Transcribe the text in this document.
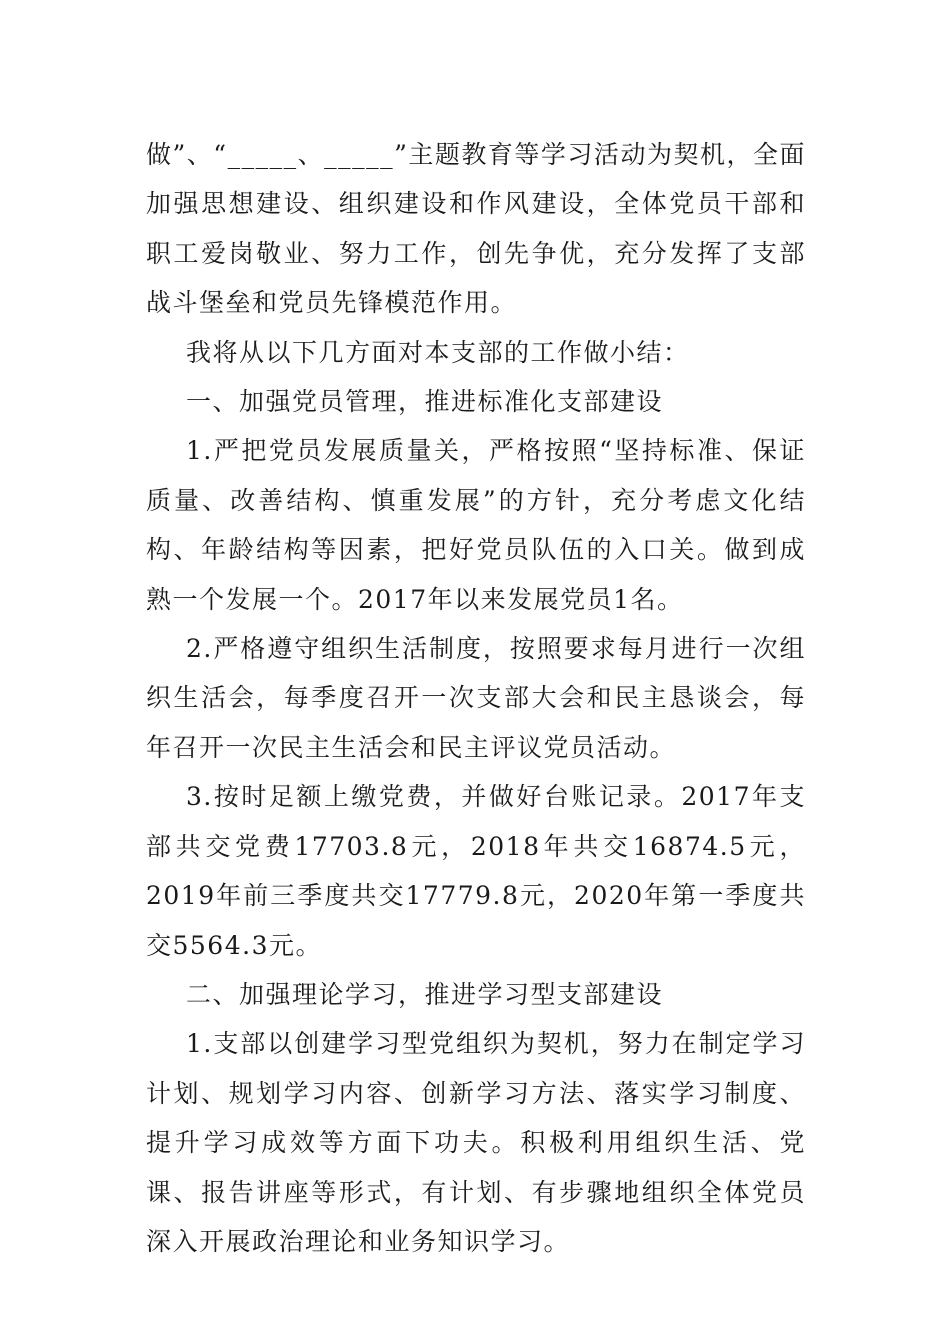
做”、“_____、_____”主题教育等学习活动为契机，全面加强思想建设、组织建设和作风建设，全体党员干部和职工爱岗敬业、努力工作，创先争优，充分发挥了支部战斗堡垒和党员先锋模范作用。

我将从以下几方面对本支部的工作做小结：

一、加强党员管理，推进标准化支部建设

1.严把党员发展质量关，严格按照“坚持标准、保证质量、改善结构、慎重发展”的方针，充分考虑文化结构、年龄结构等因素，把好党员队伍的入口关。做到成熟一个发展一个。2017年以来发展党员1名。

2.严格遵守组织生活制度，按照要求每月进行一次组织生活会，每季度召开一次支部大会和民主恳谈会，每年召开一次民主生活会和民主评议党员活动。

3.按时足额上缴党费，并做好台账记录。2017年支部共交党费17703.8元，2018年共交16874.5元，2019年前三季度共交17779.8元，2020年第一季度共交5564.3元。

二、加强理论学习，推进学习型支部建设

1.支部以创建学习型党组织为契机，努力在制定学习计划、规划学习内容、创新学习方法、落实学习制度、提升学习成效等方面下功夫。积极利用组织生活、党课、报告讲座等形式，有计划、有步骤地组织全体党员深入开展政治理论和业务知识学习。
